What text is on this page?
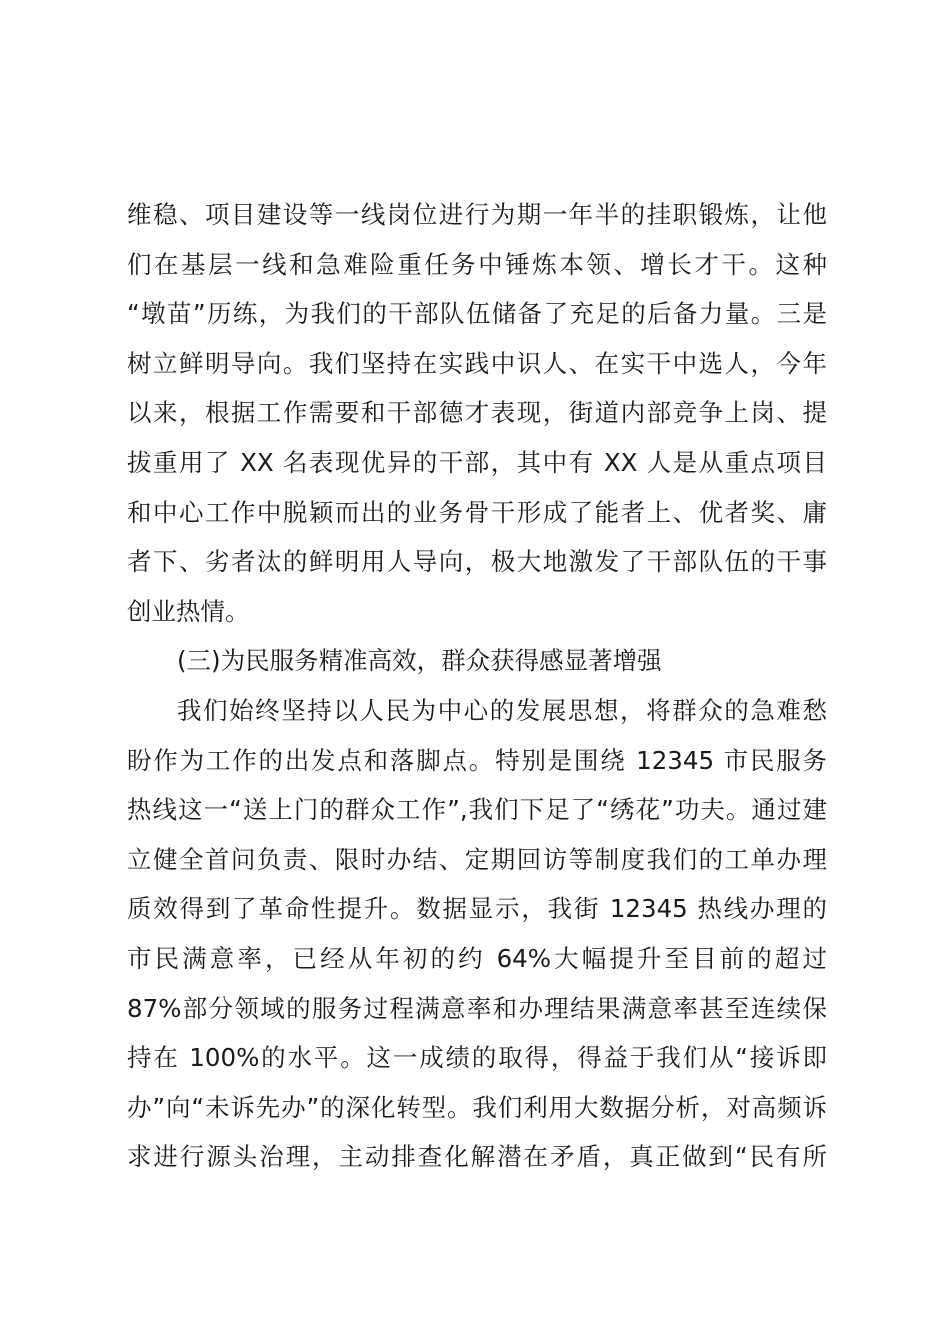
维稳、项目建设等一线岗位进行为期一年半的挂职锻炼，让他
们在基层一线和急难险重任务中锤炼本领、增长才干。这种
“墩苗”历练，为我们的干部队伍储备了充足的后备力量。三是
树立鲜明导向。我们坚持在实践中识人、在实干中选人，今年
以来，根据工作需要和干部德才表现，街道内部竞争上岗、提
拔重用了 XX 名表现优异的干部，其中有 XX 人是从重点项目
和中心工作中脱颖而出的业务骨干形成了能者上、优者奖、庸
者下、劣者汰的鲜明用人导向，极大地激发了干部队伍的干事
创业热情。
(三)为民服务精准高效，群众获得感显著增强
我们始终坚持以人民为中心的发展思想，将群众的急难愁
盼作为工作的出发点和落脚点。特别是围绕 12345 市民服务
热线这一“送上门的群众工作”,我们下足了“绣花”功夫。通过建
立健全首问负责、限时办结、定期回访等制度我们的工单办理
质效得到了革命性提升。数据显示，我街 12345 热线办理的
市民满意率，已经从年初的约 64%大幅提升至目前的超过
87%部分领域的服务过程满意率和办理结果满意率甚至连续保
持在 100%的水平。这一成绩的取得，得益于我们从“接诉即
办”向“未诉先办”的深化转型。我们利用大数据分析，对高频诉
求进行源头治理，主动排查化解潜在矛盾，真正做到“民有所
